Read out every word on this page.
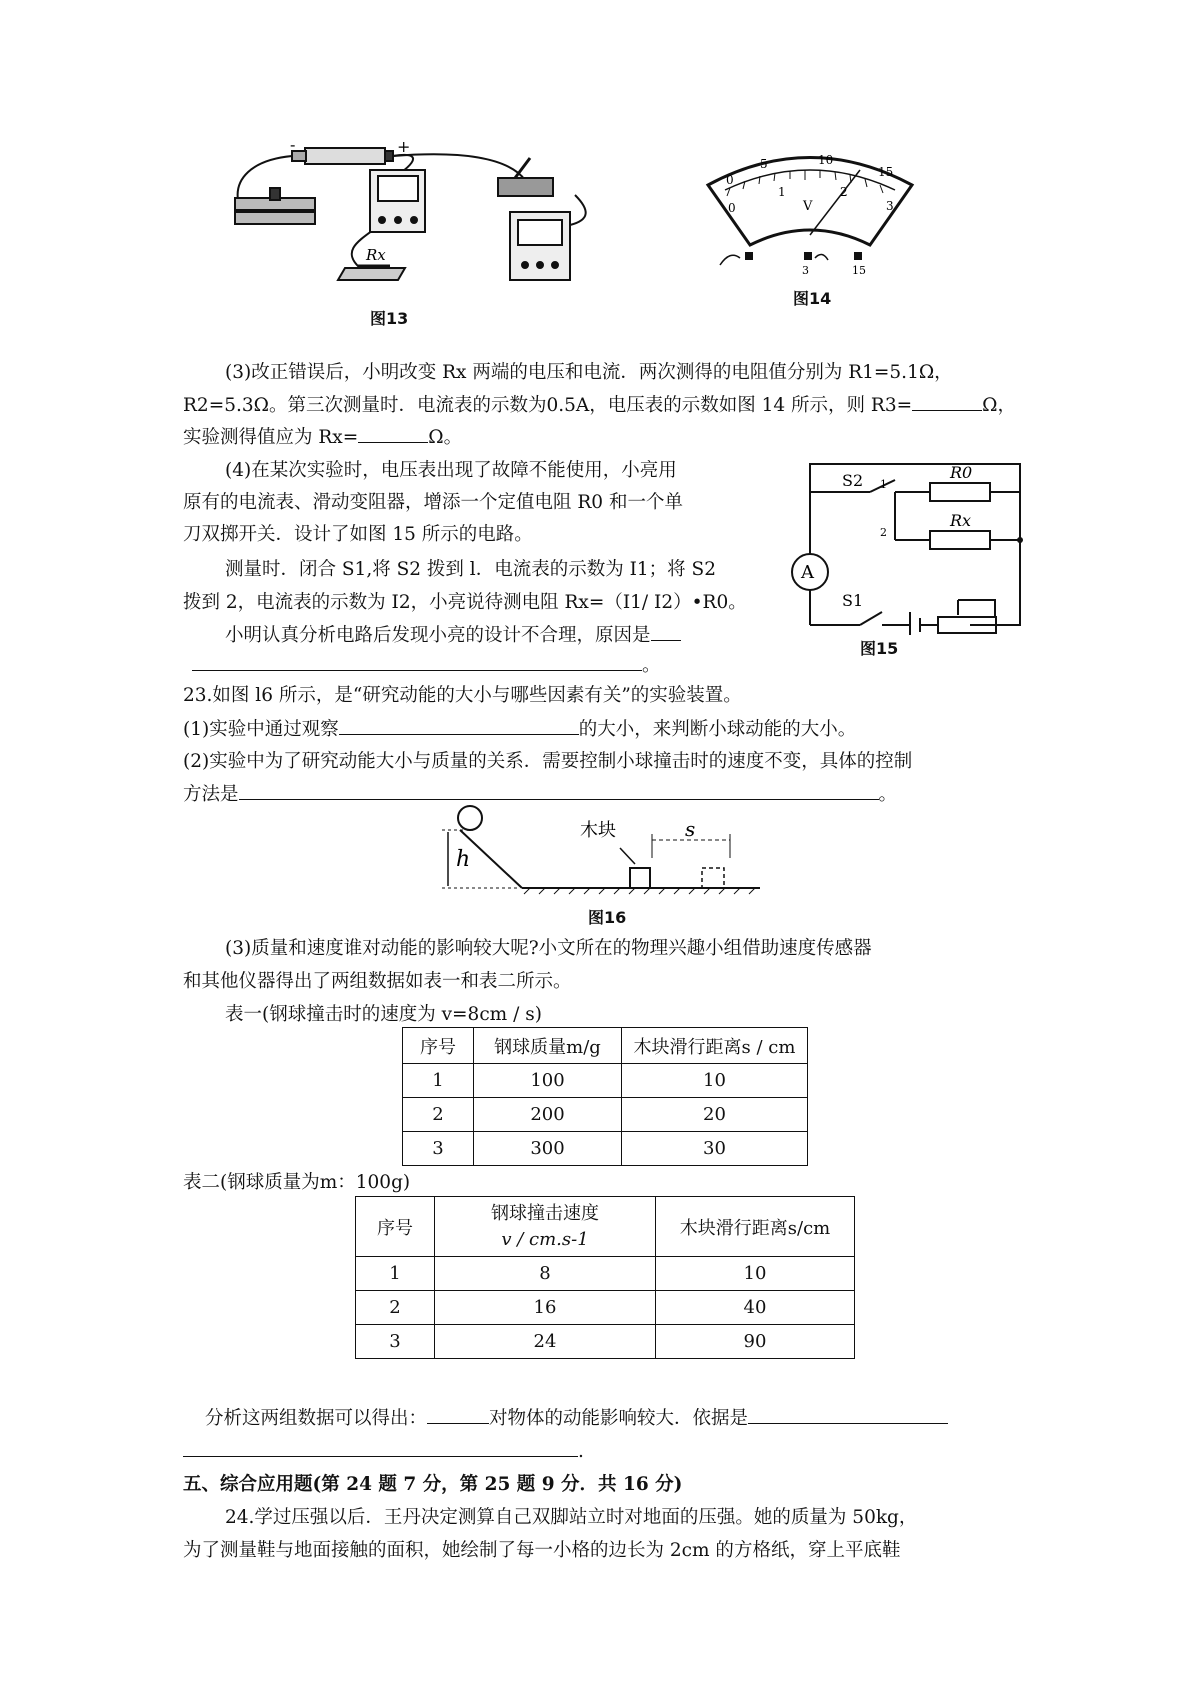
Rx
-	+
图13
0
5	10
15
0
1	2
3
V
3	15
图14
(3)改正错误后，小明改变 Rx 两端的电压和电流．两次测得的电阻值分别为 R1=5.1Ω，
R2=5.3Ω。第三次测量时．电流表的示数为0.5A，电压表的示数如图 14 所示，则 R3=	Ω，
实验测得值应为 Rx=	Ω。
(4)在某次实验时，电压表出现了故障不能使用，小亮用
原有的电流表、滑动变阻器，增添一个定值电阻 R0 和一个单
刀双掷开关．设计了如图 15 所示的电路。
测量时．闭合 S1,将 S2 拨到 l．电流表的示数为 I1；将 S2
拨到 2，电流表的示数为 I2，小亮说待测电阻 Rx=（I1/ I2）•R0。
小明认真分析电路后发现小亮的设计不合理，原因是
。
A
R0
Rx
S2
S1
1
2
图15
23.如图 l6 所示，是“研究动能的大小与哪些因素有关”的实验装置。
(1)实验中通过观察	的大小，来判断小球动能的大小。
(2)实验中为了研究动能大小与质量的关系．需要控制小球撞击时的速度不变，具体的控制
方法是	。
h
s
木块
图16
(3)质量和速度谁对动能的影响较大呢?小文所在的物理兴趣小组借助速度传感器
和其他仪器得出了两组数据如表一和表二所示。
表一(钢球撞击时的速度为 v=8cm / s)
序号	钢球质量m/g	木块滑行距离s / cm
1	100	10
2	200	20
3	300	30
表二(钢球质量为m：100g)
序号	钢球撞击速度
v / cm.s-1	木块滑行距离s/cm
1	8	10
2	16	40
3	24	90
分析这两组数据可以得出：	对物体的动能影响较大．依据是
.
五、综合应用题(第 24 题 7 分，第 25 题 9 分．共 16 分)
24.学过压强以后．王丹决定测算自己双脚站立时对地面的压强。她的质量为 50kg，
为了测量鞋与地面接触的面积，她绘制了每一小格的边长为 2cm 的方格纸，穿上平底鞋
